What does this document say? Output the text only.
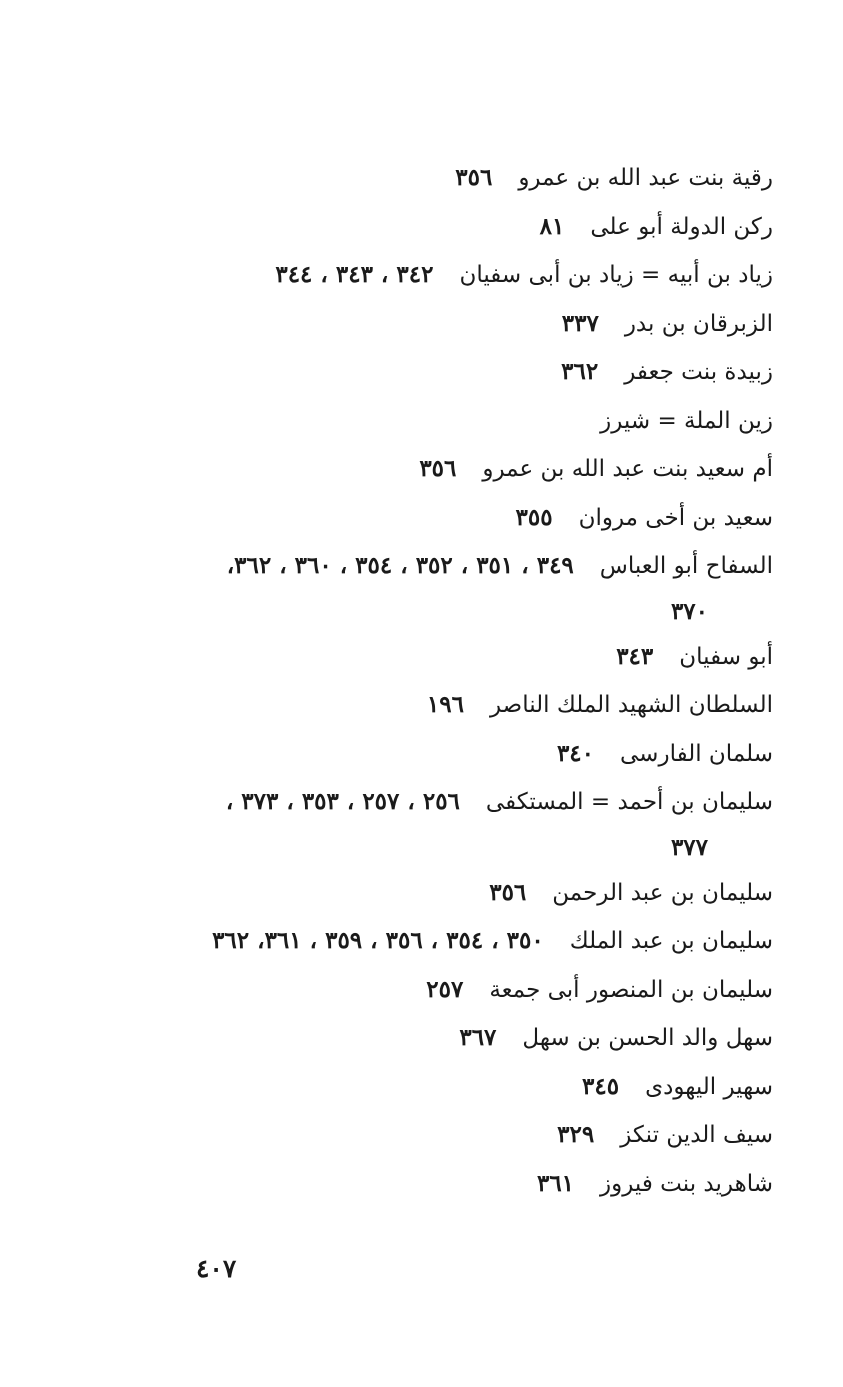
رقية بنت عبد الله بن عمرو٣٥٦

ركن الدولة أبو على٨١

زياد بن أبيه = زياد بن أبى سفيان٣٤٢ ، ٣٤٣ ، ٣٤٤

الزبرقان بن بدر٣٣٧

زبيدة بنت جعفر٣٦٢

زين الملة = شيرز

أم سعيد بنت عبد الله بن عمرو٣٥٦

سعيد بن أخى مروان٣٥٥

السفاح أبو العباس٣٤٩ ، ٣٥١ ، ٣٥٢ ، ٣٥٤ ، ٣٦٠ ، ٣٦٢،
٣٧٠

أبو سفيان٣٤٣

السلطان الشهيد الملك الناصر١٩٦

سلمان الفارسى٣٤٠

سليمان بن أحمد = المستكفى٢٥٦ ، ٢٥٧ ، ٣٥٣ ، ٣٧٣ ،
٣٧٧

سليمان بن عبد الرحمن٣٥٦

سليمان بن عبد الملك٣٥٠ ، ٣٥٤ ، ٣٥٦ ، ٣٥٩ ، ٣٦١، ٣٦٢

سليمان بن المنصور أبى جمعة٢٥٧

سهل والد الحسن بن سهل٣٦٧

سهير اليهودى٣٤٥

سيف الدين تنكز٣٢٩

شاهريد بنت فيروز٣٦١

٤٠٧
